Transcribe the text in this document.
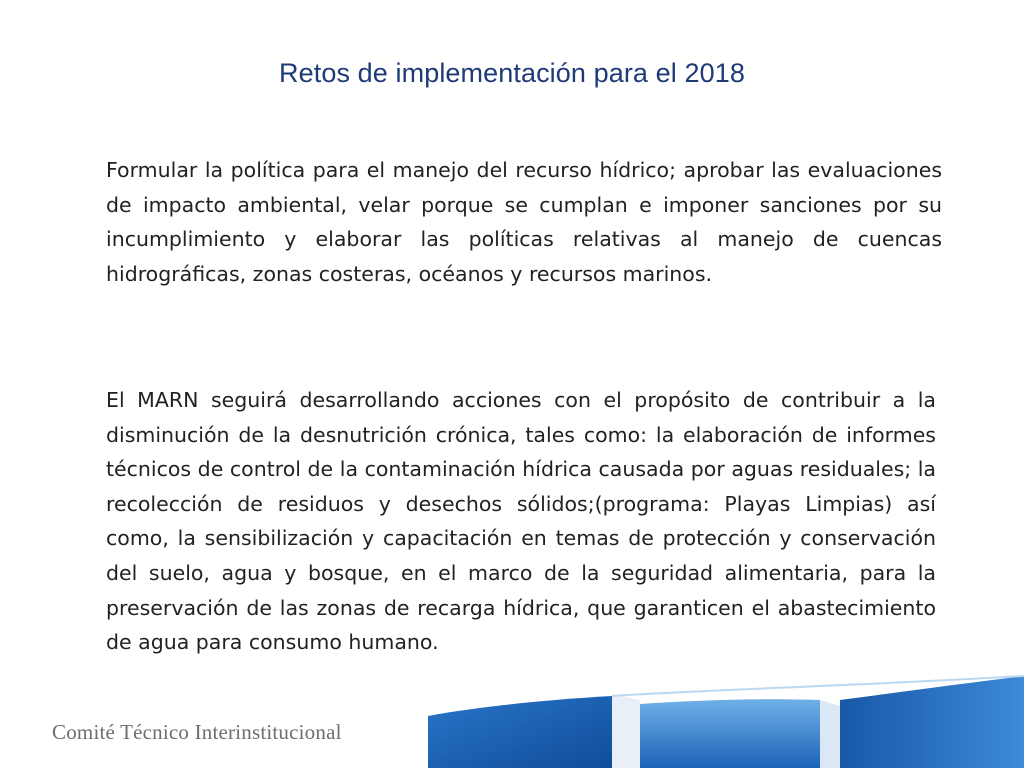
Retos de implementación para el 2018

Formular la política para el manejo del recurso hídrico; aprobar las evaluaciones de impacto ambiental, velar porque se cumplan e imponer sanciones por su incumplimiento y elaborar las políticas relativas al manejo de cuencas hidrográficas, zonas costeras, océanos y recursos marinos.

El MARN seguirá desarrollando acciones con el propósito de contribuir a la disminución de la desnutrición crónica, tales como: la elaboración de informes técnicos de control de la contaminación hídrica causada por aguas residuales; la recolección de residuos y desechos sólidos;(programa: Playas Limpias) así como, la sensibilización y capacitación en temas de protección y conservación del suelo, agua y bosque, en el marco de la seguridad alimentaria, para la preservación de las zonas de recarga hídrica, que garanticen el abastecimiento de agua para consumo humano.

Comité Técnico Interinstitucional
